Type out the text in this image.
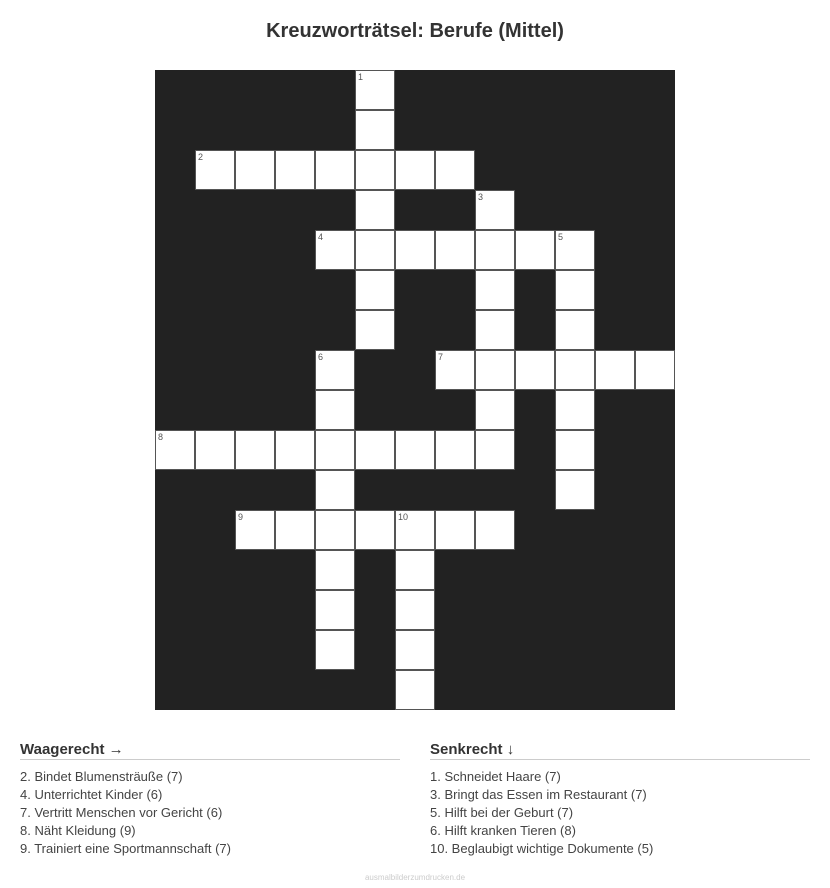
Kreuzworträtsel: Berufe (Mittel)
1
2
3
4	5
6	7
8
9	10
Waagerecht →
2. Bindet Blumensträuße (7)
4. Unterrichtet Kinder (6)
7. Vertritt Menschen vor Gericht (6)
8. Näht Kleidung (9)
9. Trainiert eine Sportmannschaft (7)
Senkrecht ↓
1. Schneidet Haare (7)
3. Bringt das Essen im Restaurant (7)
5. Hilft bei der Geburt (7)
6. Hilft kranken Tieren (8)
10. Beglaubigt wichtige Dokumente (5)
ausmalbilderzumdrucken.de
